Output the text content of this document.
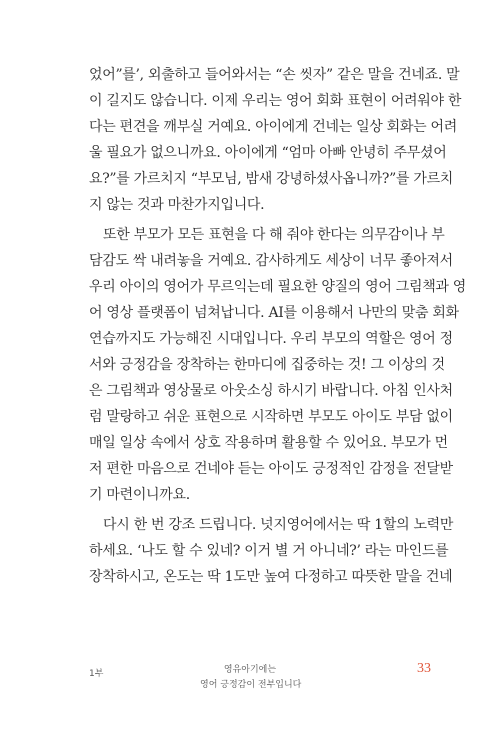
었어”를’, 외출하고 들어와서는 “손 씻자” 같은 말을 건네죠. 말
이 길지도 않습니다. 이제 우리는 영어 회화 표현이 어려워야 한
다는 편견을 깨부실 거예요. 아이에게 건네는 일상 회화는 어려
울 필요가 없으니까요. 아이에게 “엄마 아빠 안녕히 주무셨어
요?”를 가르치지 “부모님, 밤새 강녕하셨사옵니까?”를 가르치
지 않는 것과 마찬가지입니다.
또한 부모가 모든 표현을 다 해 줘야 한다는 의무감이나 부
담감도 싹 내려놓을 거예요. 감사하게도 세상이 너무 좋아져서
우리 아이의 영어가 무르익는데 필요한 양질의 영어 그림책과 영
어 영상 플랫폼이 넘쳐납니다. AI를 이용해서 나만의 맞춤 회화
연습까지도 가능해진 시대입니다. 우리 부모의 역할은 영어 정
서와 긍정감을 장착하는 한마디에 집중하는 것! 그 이상의 것
은 그림책과 영상물로 아웃소싱 하시기 바랍니다. 아침 인사처
럼 말랑하고 쉬운 표현으로 시작하면 부모도 아이도 부담 없이
매일 일상 속에서 상호 작용하며 활용할 수 있어요. 부모가 먼
저 편한 마음으로 건네야 듣는 아이도 긍정적인 감정을 전달받
기 마련이니까요.
다시 한 번 강조 드립니다. 넛지영어에서는 딱 1할의 노력만
하세요. ‘나도 할 수 있네? 이거 별 거 아니네?’ 라는 마인드를
장착하시고, 온도는 딱 1도만 높여 다정하고 따뜻한 말을 건네
1부	영유아기에는
영어 긍정감이 전부입니다
33
